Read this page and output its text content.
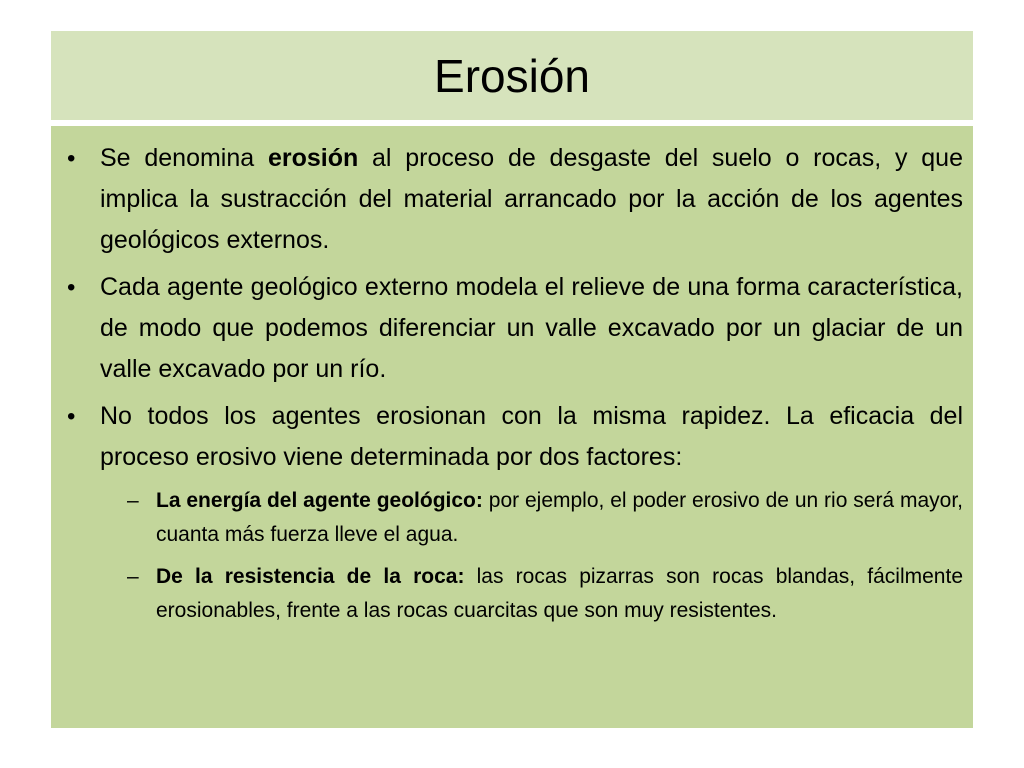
Erosión
• Se denomina erosión al proceso de desgaste del suelo o rocas, y que implica la sustracción del material arrancado por la acción de los agentes geológicos externos.
• Cada agente geológico externo modela el relieve de una forma característica, de modo que podemos diferenciar un valle excavado por un glaciar de un valle excavado por un río.
• No todos los agentes erosionan con la misma rapidez. La eficacia del proceso erosivo viene determinada por dos factores:
– La energía del agente geológico: por ejemplo, el poder erosivo de un rio será mayor, cuanta más fuerza lleve el agua.
– De la resistencia de la roca: las rocas pizarras son rocas blandas, fácilmente erosionables, frente a las rocas cuarcitas que son muy resistentes.
